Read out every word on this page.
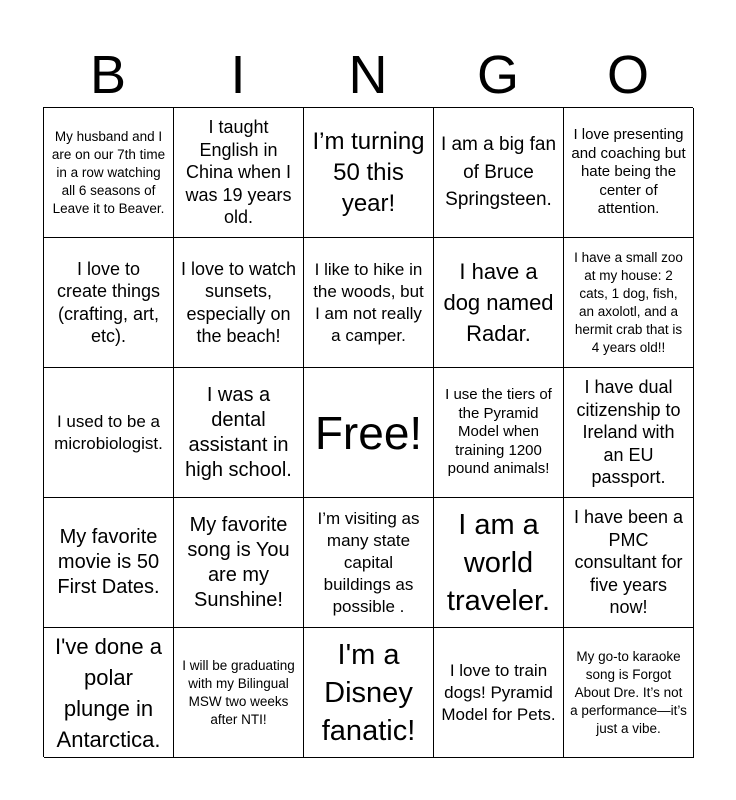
B	I	N	G	O
My husband and I are on our 7th time in a row watching all 6 seasons of Leave it to Beaver.
I taught English in China when I was 19 years old.
I’m turning 50 this year!
I am a big fan of Bruce Springsteen.
I love presenting and coaching but hate being the center of attention.
I love to create things (crafting, art, etc).
I love to watch sunsets, especially on the beach!
I like to hike in the woods, but I am not really a camper.
I have a dog named Radar.
I have a small zoo at my house: 2 cats, 1 dog, fish, an axolotl, and a hermit crab that is 4 years old!!
I used to be a microbiologist.
I was a dental assistant in high school.
Free!
I use the tiers of the Pyramid Model when training 1200 pound animals!
I have dual citizenship to Ireland with an EU passport.
My favorite movie is 50 First Dates.
My favorite song is You are my Sunshine!
I’m visiting as many state capital buildings as possible .
I am a world traveler.
I have been a PMC consultant for five years now!
I've done a polar plunge in Antarctica.
I will be graduating with my Bilingual MSW two weeks after NTI!
I'm a Disney fanatic!
I love to train dogs! Pyramid Model for Pets.
My go-to karaoke song is Forgot About Dre. It’s not a performance—it’s just a vibe.
